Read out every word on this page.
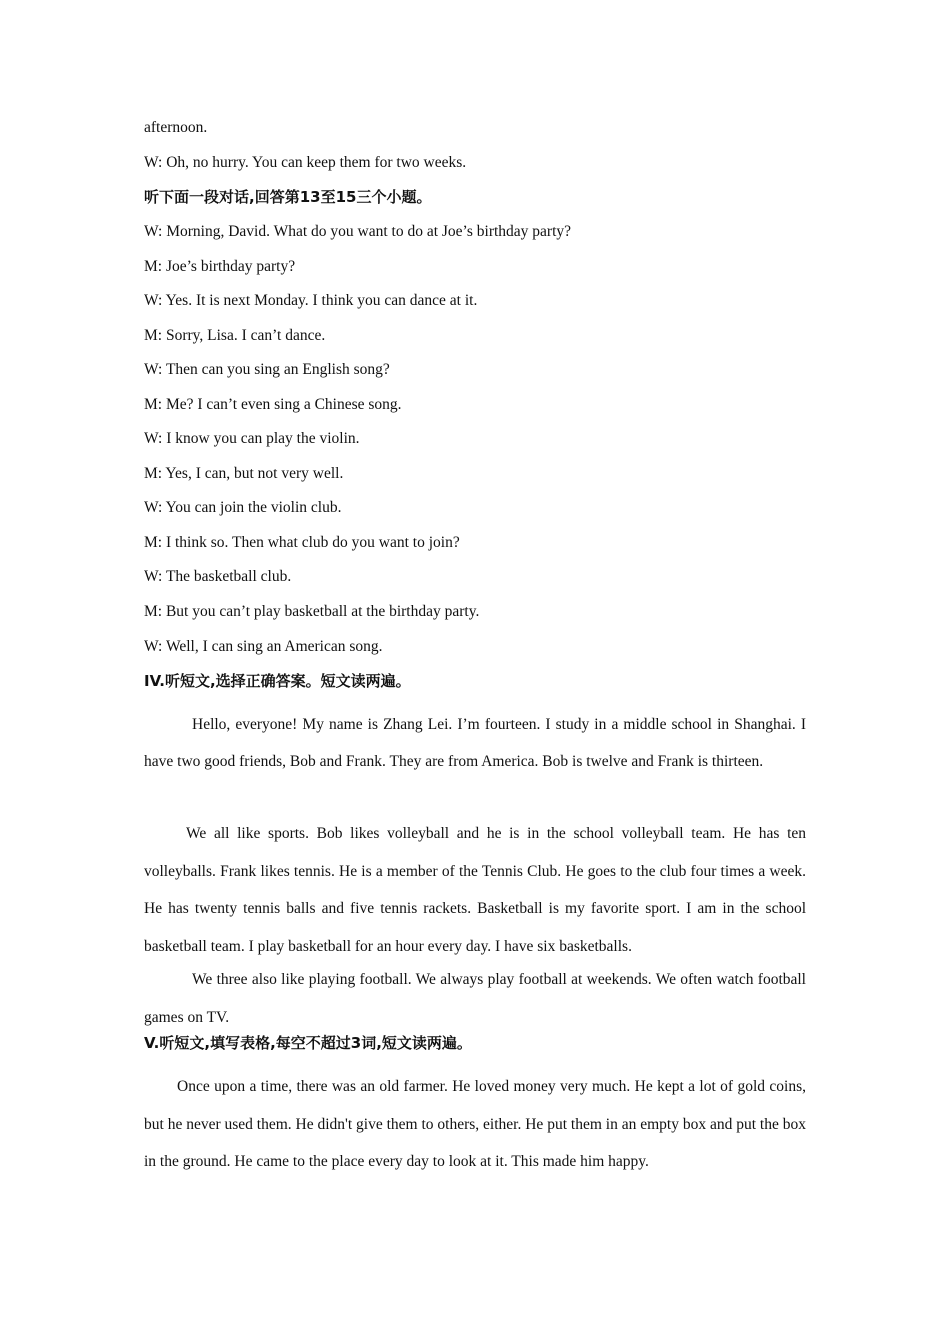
afternoon.
W: Oh, no hurry. You can keep them for two weeks.
听下面一段对话,回答第13至15三个小题。
W: Morning, David. What do you want to do at Joe’s birthday party?
M: Joe’s birthday party?
W: Yes. It is next Monday. I think you can dance at it.
M: Sorry, Lisa. I can’t dance.
W: Then can you sing an English song?
M: Me? I can’t even sing a Chinese song.
W: I know you can play the violin.
M: Yes, I can, but not very well.
W: You can join the violin club.
M: I think so. Then what club do you want to join?
W: The basketball club.
M: But you can’t play basketball at the birthday party.
W: Well, I can sing an American song.
IV.听短文,选择正确答案。短文读两遍。
Hello, everyone! My name is Zhang Lei. I’m fourteen. I study in a middle school in Shanghai. I have two good friends, Bob and Frank. They are from America. Bob is twelve and Frank is thirteen.
We all like sports. Bob likes volleyball and he is in the school volleyball team. He has ten volleyballs. Frank likes tennis. He is a member of the Tennis Club. He goes to the club four times a week. He has twenty tennis balls and five tennis rackets. Basketball is my favorite sport. I am in the school basketball team. I play basketball for an hour every day. I have six basketballs.
We three also like playing football. We always play football at weekends. We often watch football games on TV.
V.听短文,填写表格,每空不超过3词,短文读两遍。
Once upon a time, there was an old farmer. He loved money very much. He kept a lot of gold coins, but he never used them. He didn't give them to others, either. He put them in an empty box and put the box in the ground. He came to the place every day to look at it. This made him happy.
